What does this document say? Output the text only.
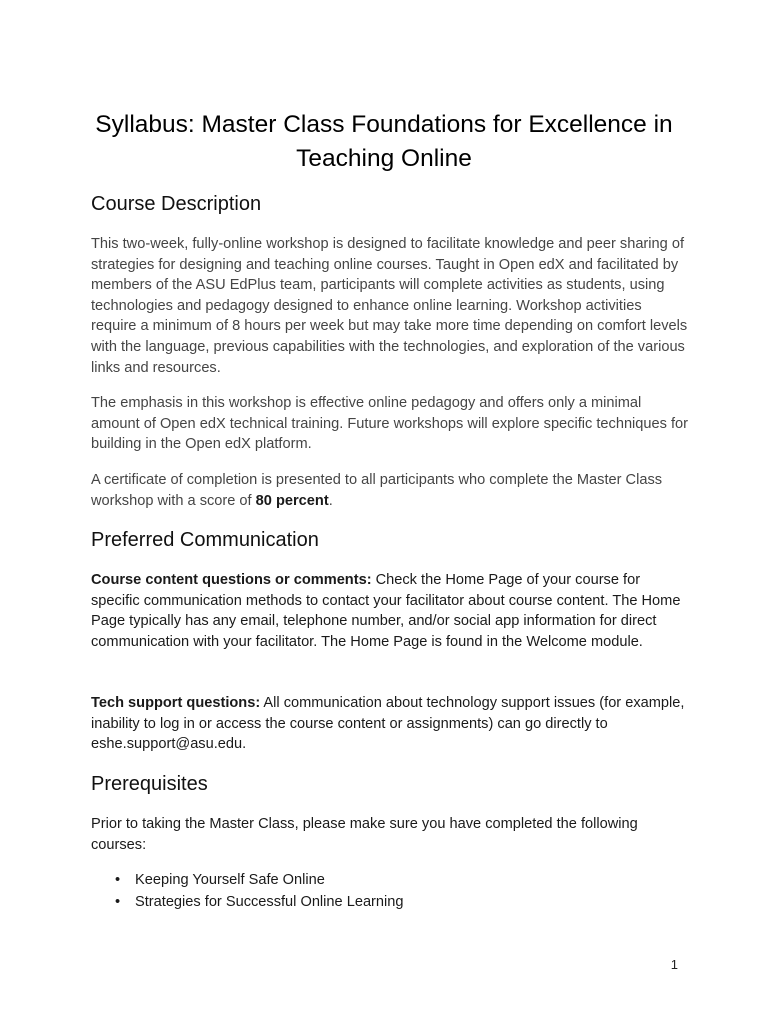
Syllabus: Master Class Foundations for Excellence in Teaching Online
Course Description

This two-week, fully-online workshop is designed to facilitate knowledge and peer sharing of strategies for designing and teaching online courses. Taught in Open edX and facilitated by members of the ASU EdPlus team, participants will complete activities as students, using technologies and pedagogy designed to enhance online learning. Workshop activities require a minimum of 8 hours per week but may take more time depending on comfort levels with the language, previous capabilities with the technologies, and exploration of the various links and resources.

The emphasis in this workshop is effective online pedagogy and offers only a minimal amount of Open edX technical training. Future workshops will explore specific techniques for building in the Open edX platform.

A certificate of completion is presented to all participants who complete the Master Class workshop with a score of 80 percent.

Preferred Communication

Course content questions or comments: Check the Home Page of your course for specific communication methods to contact your facilitator about course content. The Home Page typically has any email, telephone number, and/or social app information for direct communication with your facilitator. The Home Page is found in the Welcome module.

Tech support questions: All communication about technology support issues (for example, inability to log in or access the course content or assignments) can go directly to eshe.support@asu.edu.

Prerequisites

Prior to taking the Master Class, please make sure you have completed the following courses:

• Keeping Yourself Safe Online
• Strategies for Successful Online Learning
1
